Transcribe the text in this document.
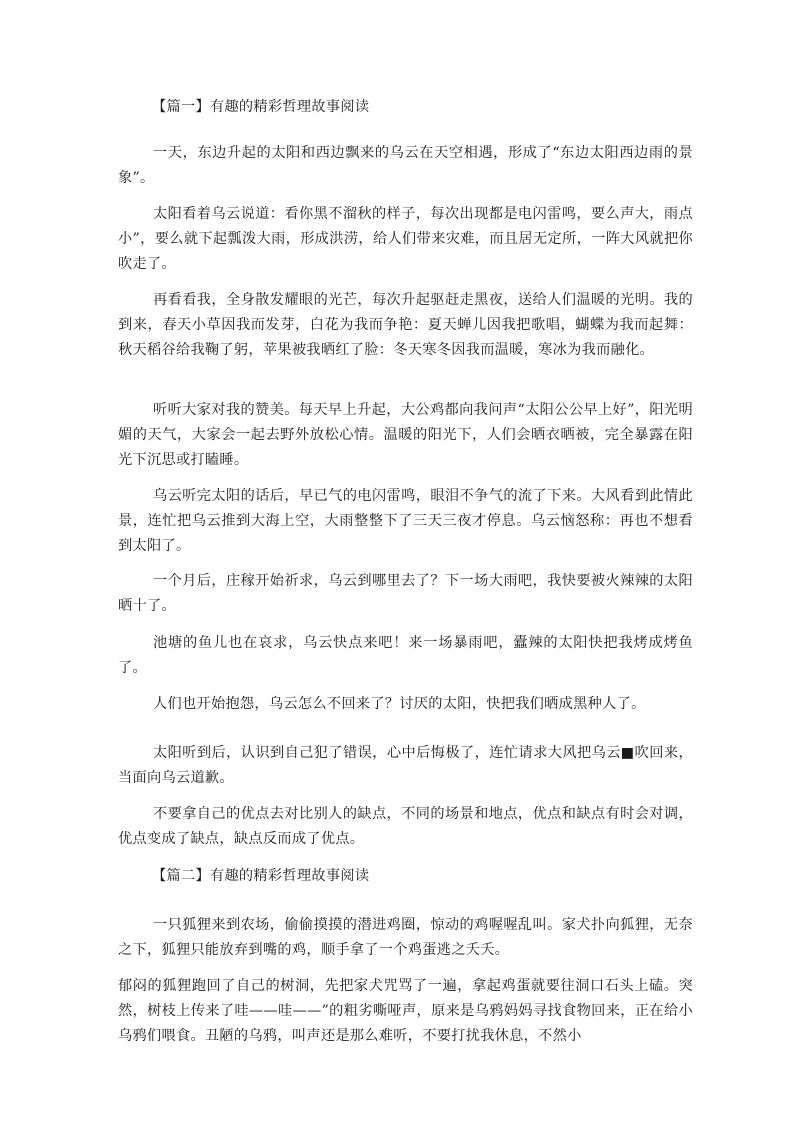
【篇一】有趣的精彩哲理故事阅读

一天，东边升起的太阳和西边飘来的乌云在天空相遇，形成了“东边太阳西边雨的景象”。

太阳看着乌云说道：看你黑不溜秋的样子，每次出现都是电闪雷鸣，要么声大，雨点小”，要么就下起瓢泼大雨，形成洪涝，给人们带来灾难，而且居无定所，一阵大风就把你吹走了。

再看看我，全身散发耀眼的光芒，每次升起驱赶走黑夜，送给人们温暖的光明。我的到来，春天小草因我而发芽，白花为我而争艳：夏天蝉儿因我把歌唱，蝴蝶为我而起舞：秋天稻谷给我鞠了躬，苹果被我晒红了脸：冬天寒冬因我而温暖，寒冰为我而融化。

听听大家对我的赞美。每天早上升起，大公鸡都向我问声“太阳公公早上好”，阳光明媚的天气，大家会一起去野外放松心情。温暖的阳光下，人们会晒衣晒被，完全暴露在阳光下沉思或打瞌睡。

乌云听完太阳的话后，早已气的电闪雷鸣，眼泪不争气的流了下来。大风看到此情此景，连忙把乌云推到大海上空，大雨整整下了三天三夜才停息。乌云恼怒称：再也不想看到太阳了。

一个月后，庄稼开始祈求，乌云到哪里去了？下一场大雨吧，我快要被火辣辣的太阳晒十了。

池塘的鱼儿也在哀求，乌云快点来吧！来一场暴雨吧，蠹辣的太阳快把我烤成烤鱼了。

人们也开始抱怨，乌云怎么不回来了？讨厌的太阳，快把我们晒成黑种人了。

太阳听到后，认识到自己犯了错误，心中后悔极了，连忙请求大风把乌云■吹回来，当面向乌云道歉。

不要拿自己的优点去对比别人的缺点，不同的场景和地点，优点和缺点有时会对调，优点变成了缺点，缺点反而成了优点。

【篇二】有趣的精彩哲理故事阅读

一只狐狸来到农场，偷偷摸摸的潜进鸡圈，惊动的鸡喔喔乱叫。家犬扑向狐狸，无奈之下，狐狸只能放弃到嘴的鸡，顺手拿了一个鸡蛋逃之夭夭。

郁闷的狐狸跑回了自己的树洞，先把家犬咒骂了一遍，拿起鸡蛋就要往洞口石头上磕。突然，树枝上传来了哇——哇——”的粗劣嘶哑声，原来是乌鸦妈妈寻找食物回来，正在给小乌鸦们喂食。丑陋的乌鸦，叫声还是那么难听，不要打扰我休息，不然小
